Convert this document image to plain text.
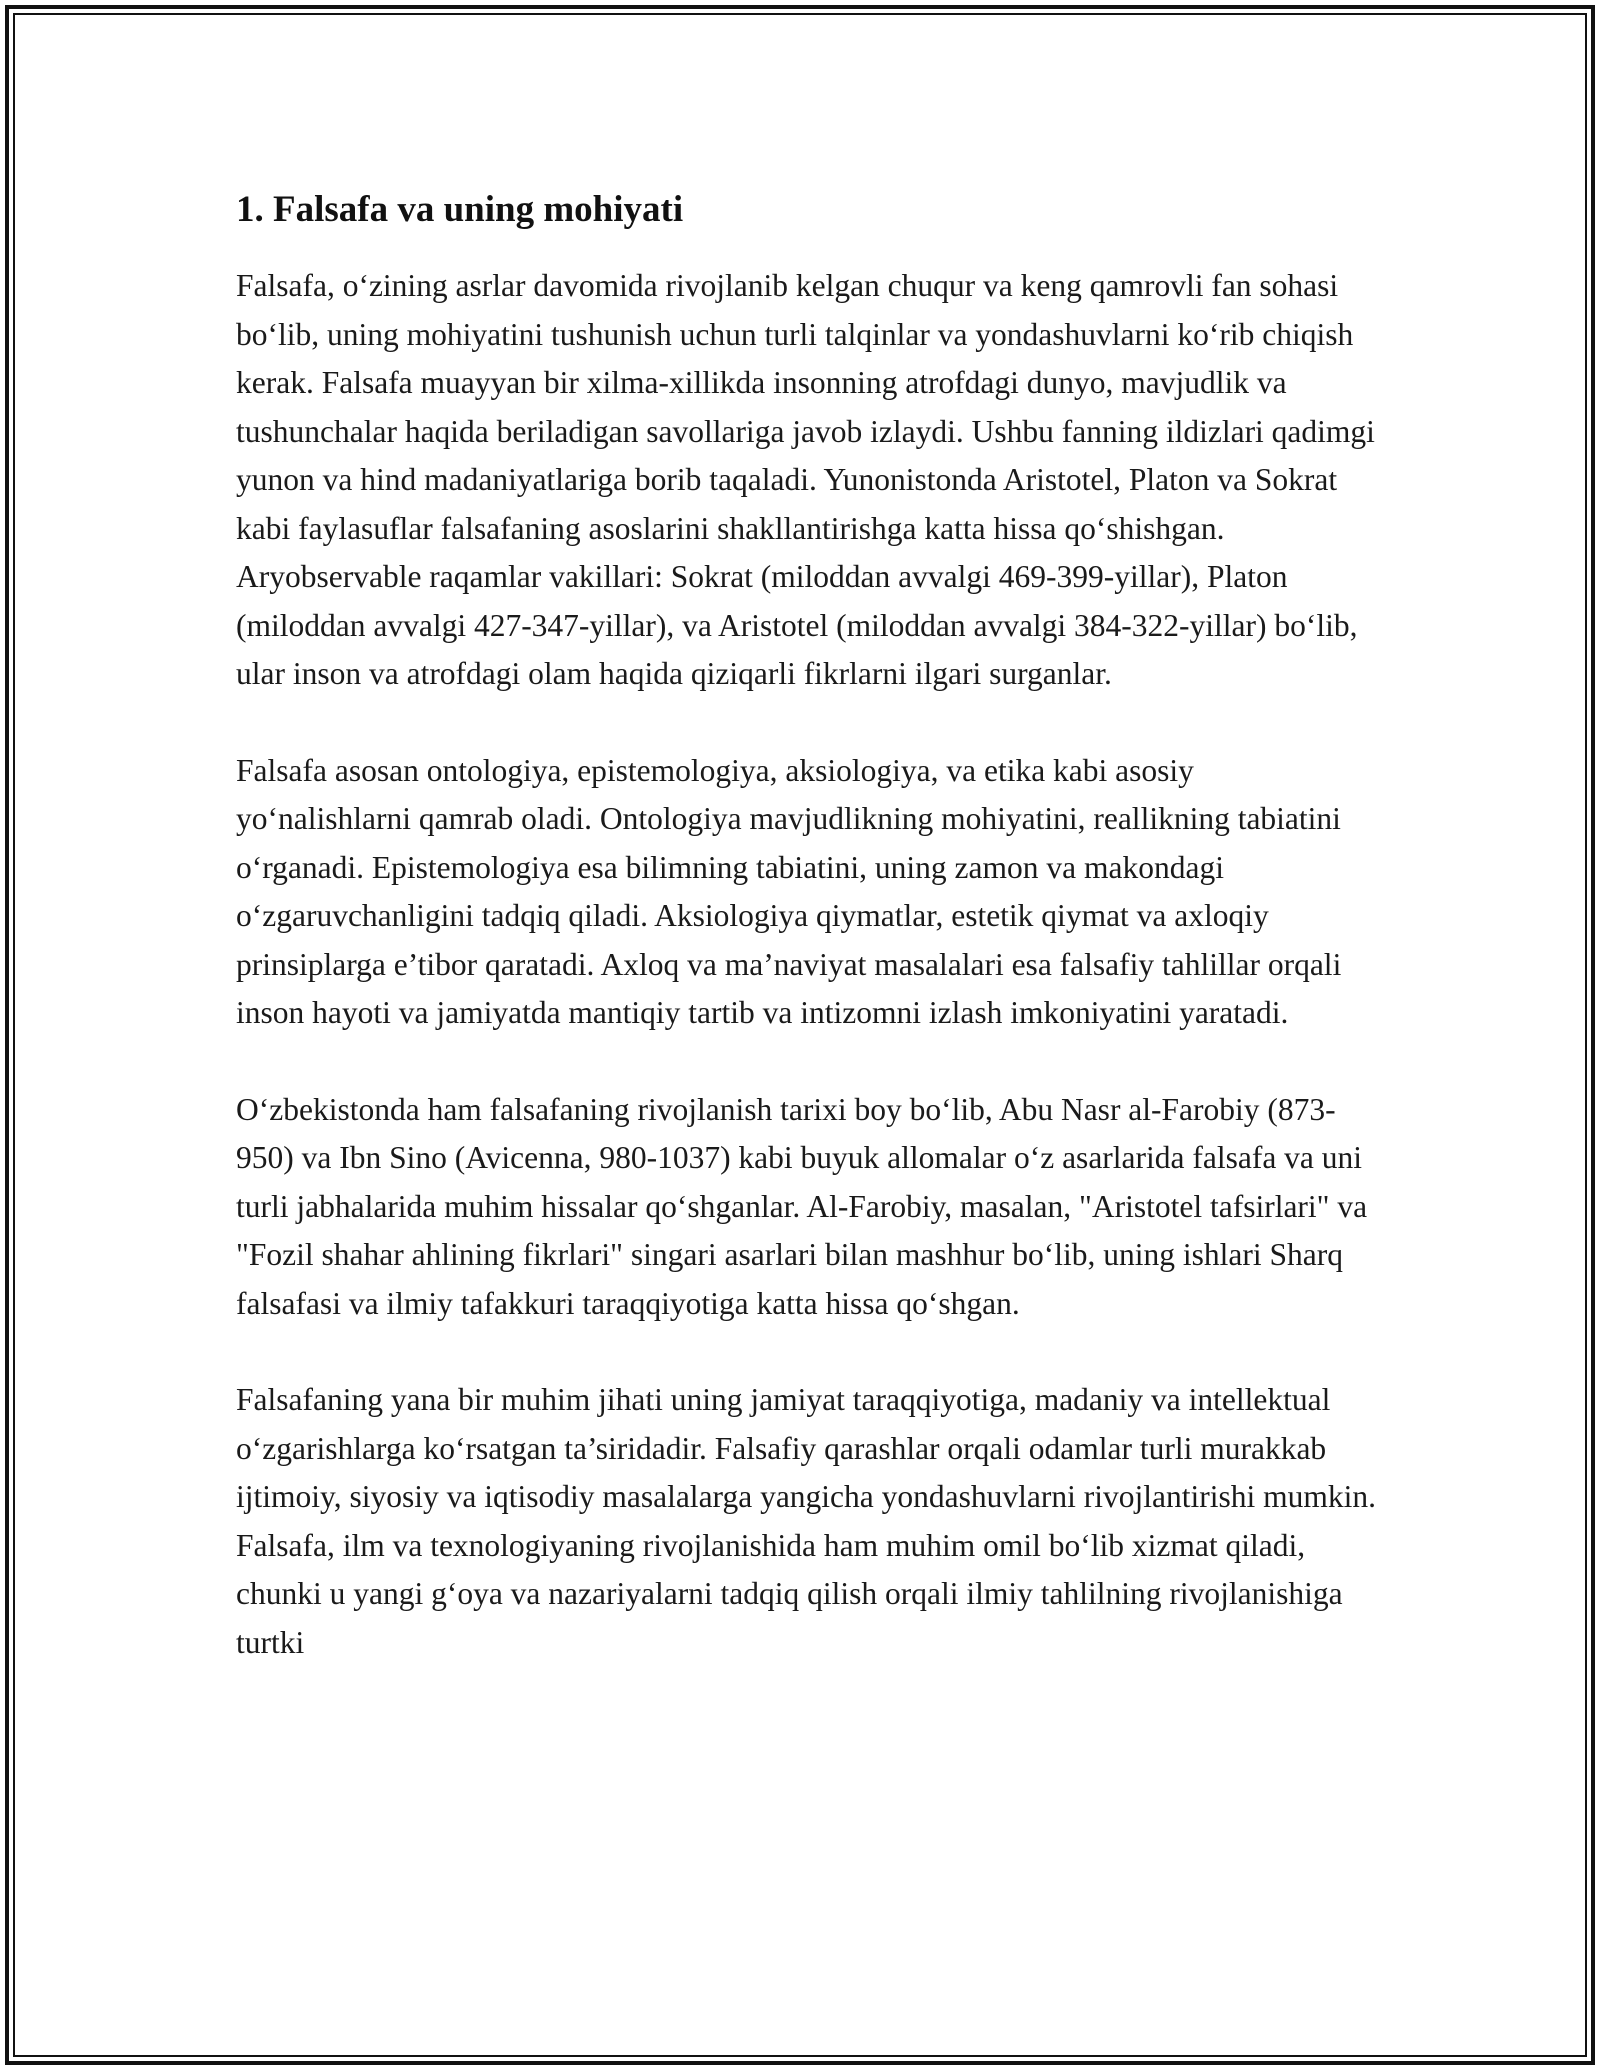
1. Falsafa va uning mohiyati

Falsafa, o‘zining asrlar davomida rivojlanib kelgan chuqur va keng qamrovli fan sohasi bo‘lib, uning mohiyatini tushunish uchun turli talqinlar va yondashuvlarni ko‘rib chiqish kerak. Falsafa muayyan bir xilma-xillikda insonning atrofdagi dunyo, mavjudlik va tushunchalar haqida beriladigan savollariga javob izlaydi. Ushbu fanning ildizlari qadimgi yunon va hind madaniyatlariga borib taqaladi. Yunonistonda Aristotel, Platon va Sokrat kabi faylasuflar falsafaning asoslarini shakllantirishga katta hissa qo‘shishgan. Aryobservable raqamlar vakillari: Sokrat (miloddan avvalgi 469-399-yillar), Platon (miloddan avvalgi 427-347-yillar), va Aristotel (miloddan avvalgi 384-322-yillar) bo‘lib, ular inson va atrofdagi olam haqida qiziqarli fikrlarni ilgari surganlar.

Falsafa asosan ontologiya, epistemologiya, aksiologiya, va etika kabi asosiy yo‘nalishlarni qamrab oladi. Ontologiya mavjudlikning mohiyatini, reallikning tabiatini o‘rganadi. Epistemologiya esa bilimning tabiatini, uning zamon va makondagi o‘zgaruvchanligini tadqiq qiladi. Aksiologiya qiymatlar, estetik qiymat va axloqiy prinsiplarga e’tibor qaratadi. Axloq va ma’naviyat masalalari esa falsafiy tahlillar orqali inson hayoti va jamiyatda mantiqiy tartib va intizomni izlash imkoniyatini yaratadi.

O‘zbekistonda ham falsafaning rivojlanish tarixi boy bo‘lib, Abu Nasr al-Farobiy (873-950) va Ibn Sino (Avicenna, 980-1037) kabi buyuk allomalar o‘z asarlarida falsafa va uni turli jabhalarida muhim hissalar qo‘shganlar. Al-Farobiy, masalan, "Aristotel tafsirlari" va "Fozil shahar ahlining fikrlari" singari asarlari bilan mashhur bo‘lib, uning ishlari Sharq falsafasi va ilmiy tafakkuri taraqqiyotiga katta hissa qo‘shgan.

Falsafaning yana bir muhim jihati uning jamiyat taraqqiyotiga, madaniy va intellektual o‘zgarishlarga ko‘rsatgan ta’siridadir. Falsafiy qarashlar orqali odamlar turli murakkab ijtimoiy, siyosiy va iqtisodiy masalalarga yangicha yondashuvlarni rivojlantirishi mumkin. Falsafa, ilm va texnologiyaning rivojlanishida ham muhim omil bo‘lib xizmat qiladi, chunki u yangi g‘oya va nazariyalarni tadqiq qilish orqali ilmiy tahlilning rivojlanishiga turtki
